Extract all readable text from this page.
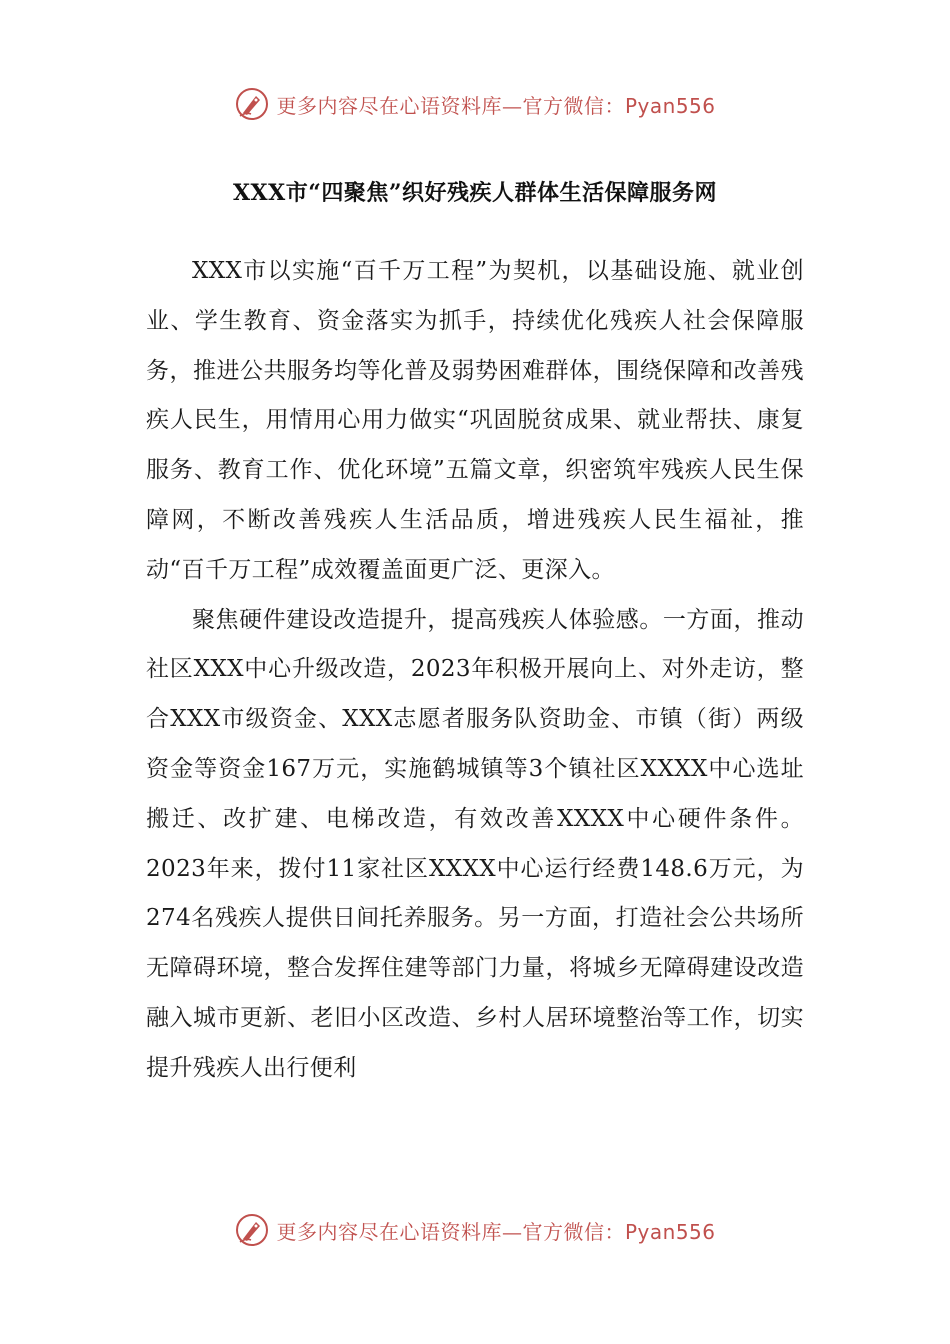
更多内容尽在心语资料库—官方微信：Pyan556
XXX市“四聚焦”织好残疾人群体生活保障服务网

XXX市以实施“百千万工程”为契机，以基础设施、就业创业、学生教育、资金落实为抓手，持续优化残疾人社会保障服务，推进公共服务均等化普及弱势困难群体，围绕保障和改善残疾人民生，用情用心用力做实“巩固脱贫成果、就业帮扶、康复服务、教育工作、优化环境”五篇文章，织密筑牢残疾人民生保障网，不断改善残疾人生活品质，增进残疾人民生福祉，推动“百千万工程”成效覆盖面更广泛、更深入。

聚焦硬件建设改造提升，提高残疾人体验感。一方面，推动社区XXX中心升级改造，2023年积极开展向上、对外走访，整合XXX市级资金、XXX志愿者服务队资助金、市镇（街）两级资金等资金167万元，实施鹤城镇等3个镇社区XXXX中心选址搬迁、改扩建、电梯改造，有效改善XXXX中心硬件条件。2023年来，拨付11家社区XXXX中心运行经费148.6万元，为274名残疾人提供日间托养服务。另一方面，打造社会公共场所无障碍环境，整合发挥住建等部门力量，将城乡无障碍建设改造融入城市更新、老旧小区改造、乡村人居环境整治等工作，切实提升残疾人出行便利

更多内容尽在心语资料库—官方微信：Pyan556
